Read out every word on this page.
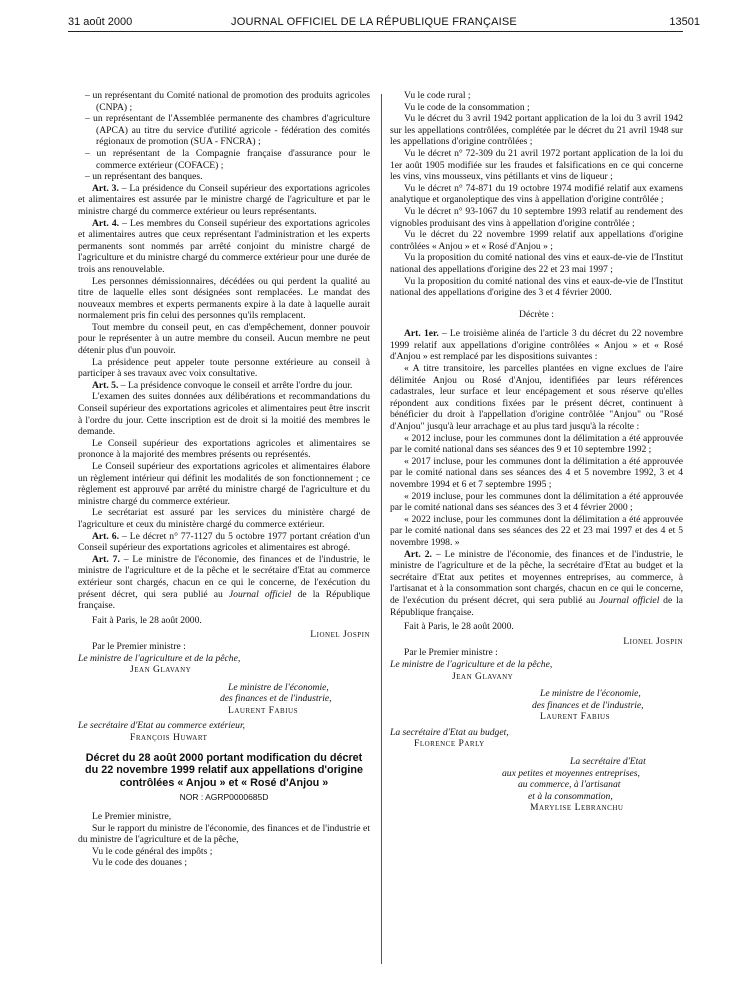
31 août 2000	JOURNAL OFFICIEL DE LA RÉPUBLIQUE FRANÇAISE	13501

– un représentant du Comité national de promotion des produits agricoles (CNPA) ;

– un représentant de l'Assemblée permanente des chambres d'agriculture (APCA) au titre du service d'utilité agricole - fédération des comités régionaux de promotion (SUA - FNCRA) ;

– un représentant de la Compagnie française d'assurance pour le commerce extérieur (COFACE) ;

– un représentant des banques.

Art. 3. – La présidence du Conseil supérieur des exportations agricoles et alimentaires est assurée par le ministre chargé de l'agriculture et par le ministre chargé du commerce extérieur ou leurs représentants.

Art. 4. – Les membres du Conseil supérieur des exportations agricoles et alimentaires autres que ceux représentant l'administration et les experts permanents sont nommés par arrêté conjoint du ministre chargé de l'agriculture et du ministre chargé du commerce extérieur pour une durée de trois ans renouvelable.

Les personnes démissionnaires, décédées ou qui perdent la qualité au titre de laquelle elles sont désignées sont remplacées. Le mandat des nouveaux membres et experts permanents expire à la date à laquelle aurait normalement pris fin celui des personnes qu'ils remplacent.

Tout membre du conseil peut, en cas d'empêchement, donner pouvoir pour le représenter à un autre membre du conseil. Aucun membre ne peut détenir plus d'un pouvoir.

La présidence peut appeler toute personne extérieure au conseil à participer à ses travaux avec voix consultative.

Art. 5. – La présidence convoque le conseil et arrête l'ordre du jour.

L'examen des suites données aux délibérations et recommandations du Conseil supérieur des exportations agricoles et alimentaires peut être inscrit à l'ordre du jour. Cette inscription est de droit si la moitié des membres le demande.

Le Conseil supérieur des exportations agricoles et alimentaires se prononce à la majorité des membres présents ou représentés.

Le Conseil supérieur des exportations agricoles et alimentaires élabore un règlement intérieur qui définit les modalités de son fonctionnement ; ce règlement est approuvé par arrêté du ministre chargé de l'agriculture et du ministre chargé du commerce extérieur.

Le secrétariat est assuré par les services du ministère chargé de l'agriculture et ceux du ministère chargé du commerce extérieur.

Art. 6. – Le décret n° 77-1127 du 5 octobre 1977 portant création d'un Conseil supérieur des exportations agricoles et alimentaires est abrogé.

Art. 7. – Le ministre de l'économie, des finances et de l'industrie, le ministre de l'agriculture et de la pêche et le secrétaire d'Etat au commerce extérieur sont chargés, chacun en ce qui le concerne, de l'exécution du présent décret, qui sera publié au Journal officiel de la République française.

Fait à Paris, le 28 août 2000.

Lionel Jospin

Par le Premier ministre :

Le ministre de l'agriculture et de la pêche,

Jean Glavany

Le ministre de l'économie,

des finances et de l'industrie,

Laurent Fabius

Le secrétaire d'Etat au commerce extérieur,

François Huwart

Décret du 28 août 2000 portant modification du décret du 22 novembre 1999 relatif aux appellations d'origine contrôlées « Anjou » et « Rosé d'Anjou »

NOR : AGRP0000685D

Le Premier ministre,

Sur le rapport du ministre de l'économie, des finances et de l'industrie et du ministre de l'agriculture et de la pêche,

Vu le code général des impôts ;

Vu le code des douanes ;

Vu le code rural ;

Vu le code de la consommation ;

Vu le décret du 3 avril 1942 portant application de la loi du 3 avril 1942 sur les appellations contrôlées, complétée par le décret du 21 avril 1948 sur les appellations d'origine contrôlées ;

Vu le décret n° 72-309 du 21 avril 1972 portant application de la loi du 1er août 1905 modifiée sur les fraudes et falsifications en ce qui concerne les vins, vins mousseux, vins pétillants et vins de liqueur ;

Vu le décret n° 74-871 du 19 octobre 1974 modifié relatif aux examens analytique et organoleptique des vins à appellation d'origine contrôlée ;

Vu le décret n° 93-1067 du 10 septembre 1993 relatif au rendement des vignobles produisant des vins à appellation d'origine contrôlée ;

Vu le décret du 22 novembre 1999 relatif aux appellations d'origine contrôlées « Anjou » et « Rosé d'Anjou » ;

Vu la proposition du comité national des vins et eaux-de-vie de l'Institut national des appellations d'origine des 22 et 23 mai 1997 ;

Vu la proposition du comité national des vins et eaux-de-vie de l'Institut national des appellations d'origine des 3 et 4 février 2000.

Décrète :

Art. 1er. – Le troisième alinéa de l'article 3 du décret du 22 novembre 1999 relatif aux appellations d'origine contrôlées « Anjou » et « Rosé d'Anjou » est remplacé par les dispositions suivantes :

« A titre transitoire, les parcelles plantées en vigne exclues de l'aire délimitée Anjou ou Rosé d'Anjou, identifiées par leurs références cadastrales, leur surface et leur encépagement et sous réserve qu'elles répondent aux conditions fixées par le présent décret, continuent à bénéficier du droit à l'appellation d'origine contrôlée "Anjou" ou "Rosé d'Anjou" jusqu'à leur arrachage et au plus tard jusqu'à la récolte :

« 2012 incluse, pour les communes dont la délimitation a été approuvée par le comité national dans ses séances des 9 et 10 septembre 1992 ;

« 2017 incluse, pour les communes dont la délimitation a été approuvée par le comité national dans ses séances des 4 et 5 novembre 1992, 3 et 4 novembre 1994 et 6 et 7 septembre 1995 ;

« 2019 incluse, pour les communes dont la délimitation a été approuvée par le comité national dans ses séances des 3 et 4 février 2000 ;

« 2022 incluse, pour les communes dont la délimitation a été approuvée par le comité national dans ses séances des 22 et 23 mai 1997 et des 4 et 5 novembre 1998. »

Art. 2. – Le ministre de l'économie, des finances et de l'industrie, le ministre de l'agriculture et de la pêche, la secrétaire d'Etat au budget et la secrétaire d'Etat aux petites et moyennes entreprises, au commerce, à l'artisanat et à la consommation sont chargés, chacun en ce qui le concerne, de l'exécution du présent décret, qui sera publié au Journal officiel de la République française.

Fait à Paris, le 28 août 2000.

Lionel Jospin

Par le Premier ministre :

Le ministre de l'agriculture et de la pêche,

Jean Glavany

Le ministre de l'économie,

des finances et de l'industrie,

Laurent Fabius

La secrétaire d'Etat au budget,

Florence Parly

La secrétaire d'Etat

aux petites et moyennes entreprises,

au commerce, à l'artisanat

et à la consommation,

Marylise Lebranchu
